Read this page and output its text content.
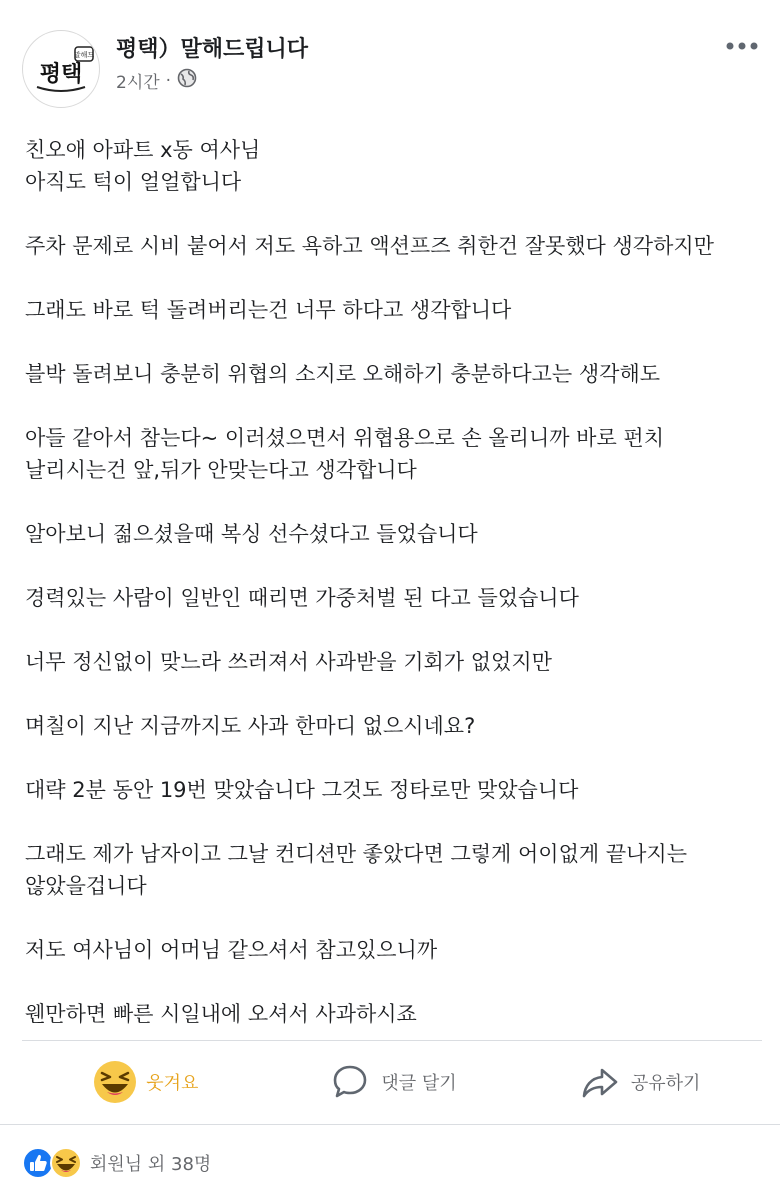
말해드
평택
평택）말해드립니다
2시간 ·
친오애 아파트 x동 여사님
아직도 턱이 얼얼합니다
주차 문제로 시비 붙어서 저도 욕하고 액션프즈 취한건 잘못했다 생각하지만
그래도 바로 턱 돌려버리는건 너무 하다고 생각합니다
블박 돌려보니 충분히 위협의 소지로 오해하기 충분하다고는 생각해도
아들 같아서 참는다~ 이러셨으면서 위협용으로 손 올리니까 바로 펀치
날리시는건 앞,뒤가 안맞는다고 생각합니다
알아보니 젊으셨을때 복싱 선수셨다고 들었습니다
경력있는 사람이 일반인 때리면 가중처벌 된 다고 들었습니다
너무 정신없이 맞느라 쓰러져서 사과받을 기회가 없었지만
며칠이 지난 지금까지도 사과 한마디 없으시네요?
대략 2분 동안 19번 맞았습니다 그것도 정타로만 맞았습니다
그래도 제가 남자이고 그날 컨디션만 좋았다면 그렇게 어이없게 끝나지는
않았을겁니다
저도 여사님이 어머님 같으셔서 참고있으니까
웬만하면 빠른 시일내에 오셔서 사과하시죠
웃겨요	댓글 달기	공유하기
회원님 외 38명
